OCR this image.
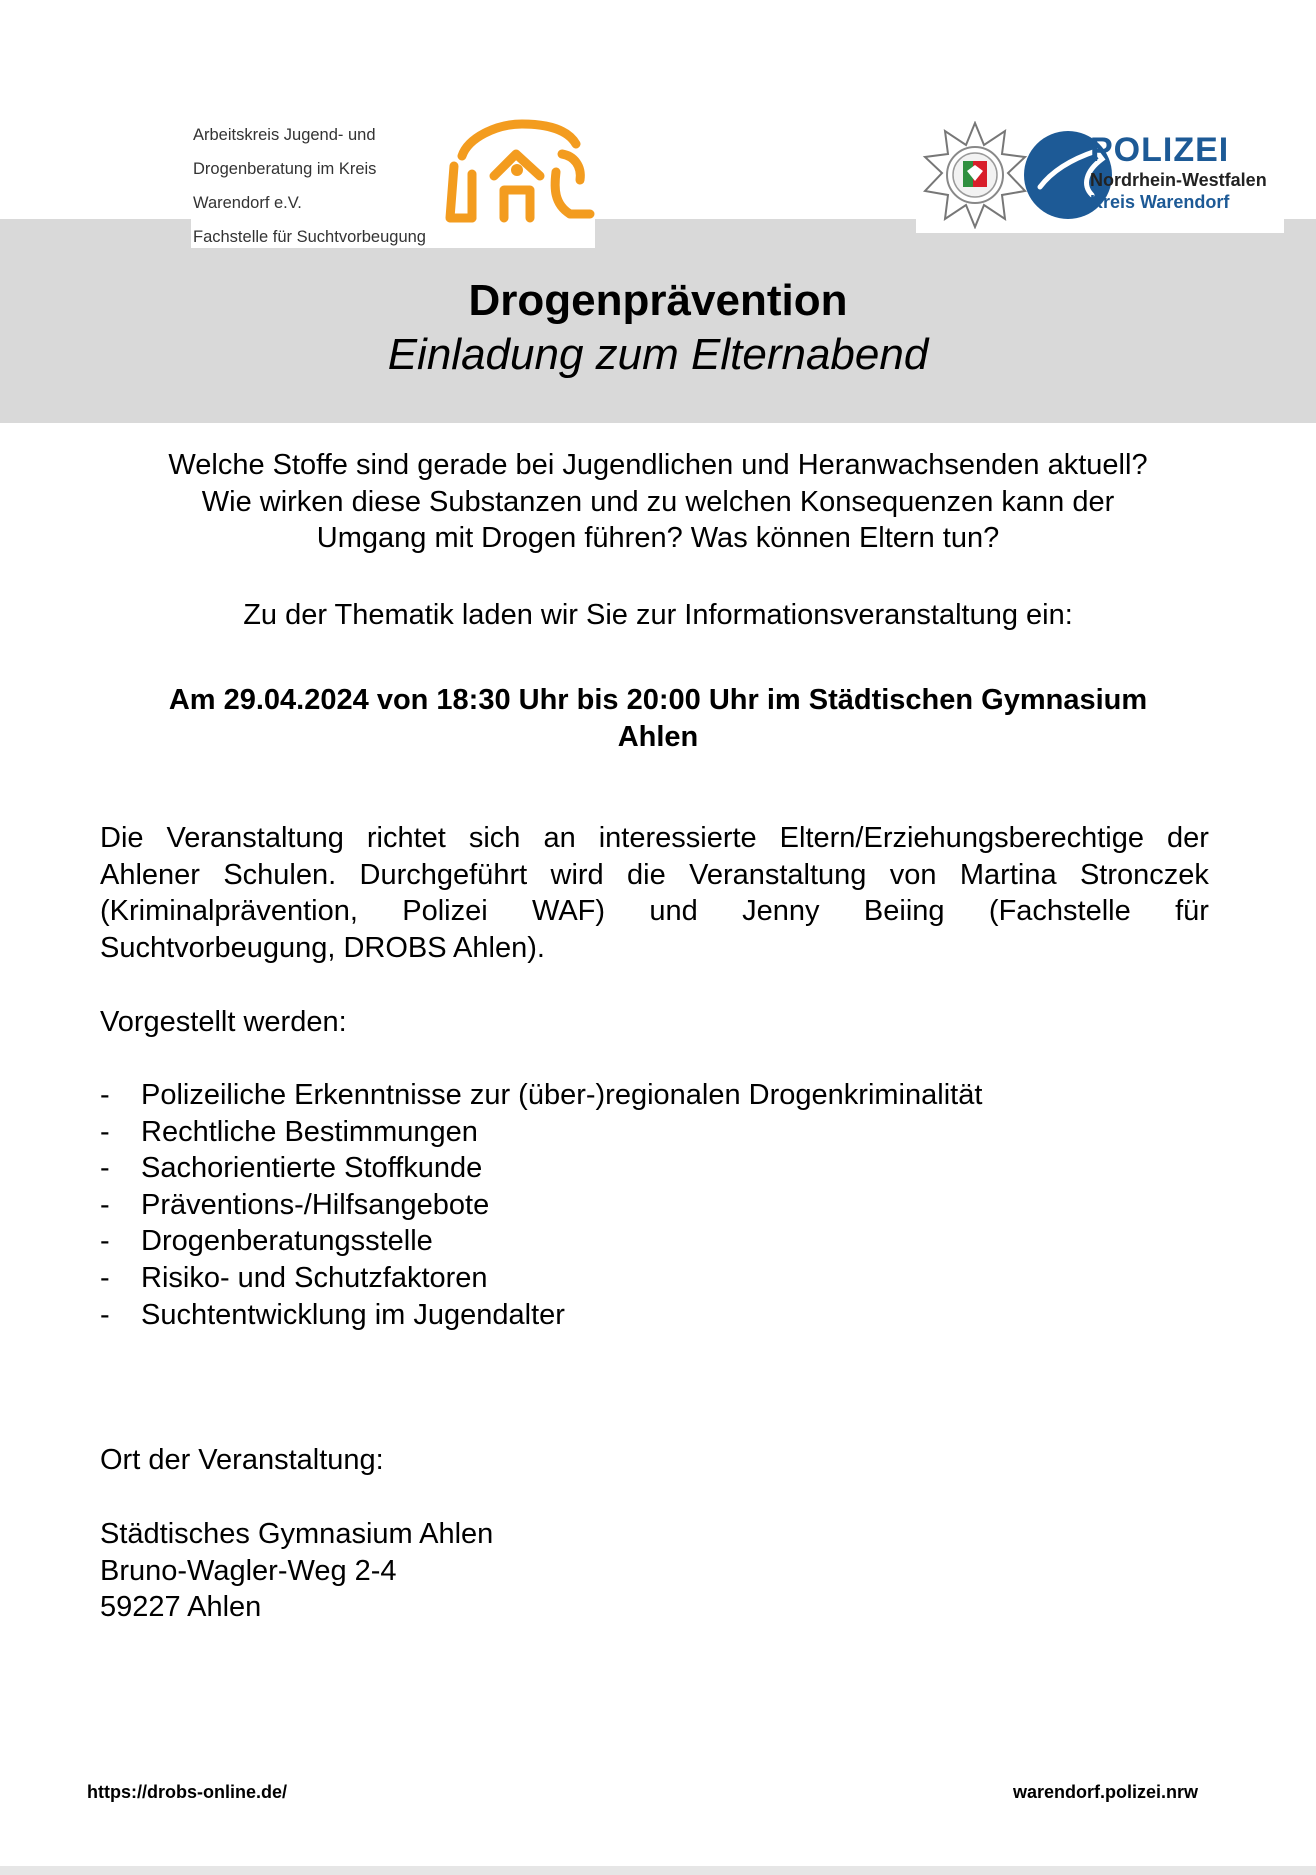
Arbeitskreis Jugend- und
Drogenberatung im Kreis
Warendorf e.V.
Fachstelle für Suchtvorbeugung
POLIZEI
Nordrhein-Westfalen
Kreis Warendorf
Drogenprävention
Einladung zum Elternabend
Welche Stoffe sind gerade bei Jugendlichen und Heranwachsenden aktuell?
Wie wirken diese Substanzen und zu welchen Konsequenzen kann der
Umgang mit Drogen führen? Was können Eltern tun?
Zu der Thematik laden wir Sie zur Informationsveranstaltung ein:
Am 29.04.2024 von 18:30 Uhr bis 20:00 Uhr im Städtischen Gymnasium
Ahlen
Die Veranstaltung richtet sich an interessierte Eltern/Erziehungsberechtige der
Ahlener Schulen. Durchgeführt wird die Veranstaltung von Martina Stronczek
(Kriminalprävention, Polizei WAF) und Jenny Beiing (Fachstelle für
Suchtvorbeugung, DROBS Ahlen).
Vorgestellt werden:
- Polizeiliche Erkenntnisse zur (über-)regionalen Drogenkriminalität
- Rechtliche Bestimmungen
- Sachorientierte Stoffkunde
- Präventions-/Hilfsangebote
- Drogenberatungsstelle
- Risiko- und Schutzfaktoren
- Suchtentwicklung im Jugendalter
Ort der Veranstaltung:
Städtisches Gymnasium Ahlen
Bruno-Wagler-Weg 2-4
59227 Ahlen
https://drobs-online.de/	warendorf.polizei.nrw
